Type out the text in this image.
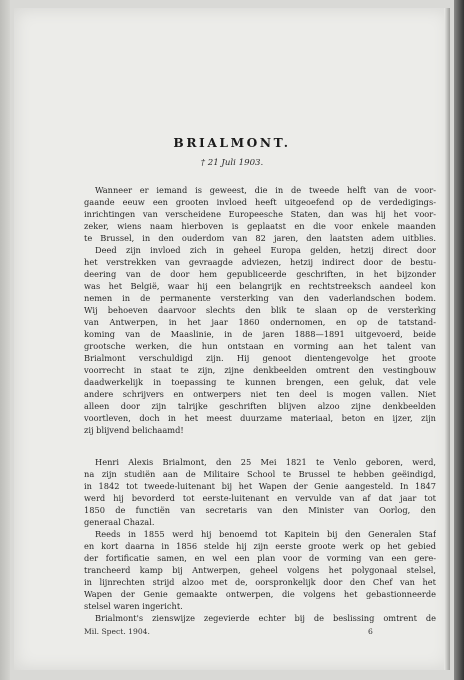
BRIALMONT.
† 21 Juli 1903.
Wanneer er iemand is geweest, die in de tweede helft van de voor-
gaande eeuw een grooten invloed heeft uitgeoefend op de verdedigings-
inrichtingen van verscheidene Europeesche Staten, dan was hij het voor-
zeker, wiens naam hierboven is geplaatst en die voor enkele maanden
te Brussel, in den ouderdom van 82 jaren, den laatsten adem uitblies.
Deed zijn invloed zich in geheel Europa gelden, hetzij direct door
het verstrekken van gevraagde adviezen, hetzij indirect door de bestu-
deering van de door hem gepubliceerde geschriften, in het bijzonder
was het België, waar hij een belangrijk en rechtstreeksch aandeel kon
nemen in de permanente versterking van den vaderlandschen bodem.
Wij behoeven daarvoor slechts den blik te slaan op de versterking
van Antwerpen, in het jaar 1860 ondernomen, en op de tatstand-
koming van de Maaslinie, in de jaren 1888—1891 uitgevoerd, beide
grootsche werken, die hun ontstaan en vorming aan het talent van
Brialmont verschuldigd zijn. Hij genoot dientengevolge het groote
voorrecht in staat te zijn, zijne denkbeelden omtrent den vestingbouw
daadwerkelijk in toepassing te kunnen brengen, een geluk, dat vele
andere schrijvers en ontwerpers niet ten deel is mogen vallen. Niet
alleen door zijn talrijke geschriften blijven alzoo zijne denkbeelden
voortleven, doch in het meest duurzame materiaal, beton en ijzer, zijn
zij blijvend belichaamd!
Henri Alexis Brialmont, den 25 Mei 1821 te Venlo geboren, werd,
na zijn studiën aan de Militaire School te Brussel te hebben geëindigd,
in 1842 tot tweede-luitenant bij het Wapen der Genie aangesteld. In 1847
werd hij bevorderd tot eerste-luitenant en vervulde van af dat jaar tot
1850 de functiën van secretaris van den Minister van Oorlog, den
generaal Chazal.
Reeds in 1855 werd hij benoemd tot Kapitein bij den Generalen Staf
en kort daarna in 1856 stelde hij zijn eerste groote werk op het gebied
der fortificatie samen, en wel een plan voor de vorming van een gere-
trancheerd kamp bij Antwerpen, geheel volgens het polygonaal stelsel,
in lijnrechten strijd alzoo met de, oorspronkelijk door den Chef van het
Wapen der Genie gemaakte ontwerpen, die volgens het gebastionneerde
stelsel waren ingericht.
Brialmont's zienswijze zegevierde echter bij de beslissing omtrent de
Mil. Spect. 1904.	6
